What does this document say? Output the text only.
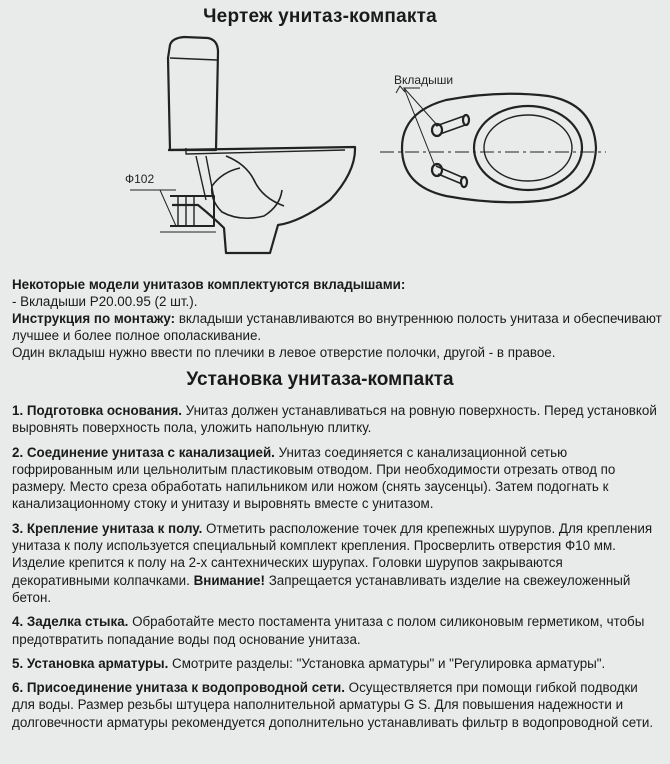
Чертеж унитаз-компакта
Ф102
Вкладыши

Некоторые модели унитазов комплектуются вкладышами:

- Вкладыши Р20.00.95 (2 шт.).

Инструкция по монтажу: вкладыши устанавливаются во внутреннюю полость унитаза и обеспечивают лучшее и более полное ополаскивание.

Один вкладыш нужно ввести по плечики в левое отверстие полочки, другой - в правое.

Установка унитаза-компакта

1. Подготовка основания. Унитаз должен устанавливаться на ровную поверхность. Перед установкой выровнять поверхность пола, уложить напольную плитку.

2. Соединение унитаза с канализацией. Унитаз соединяется с канализационной сетью гофрированным или цельнолитым пластиковым отводом. При необходимости отрезать отвод по размеру. Место среза обработать напильником или ножом (снять заусенцы). Затем подогнать к канализационному стоку и унитазу и выровнять вместе с унитазом.

3. Крепление унитаза к полу. Отметить расположение точек для крепежных шурупов. Для крепления унитаза к полу используется специальный комплект крепления. Просверлить отверстия Ф10 мм. Изделие крепится к полу на 2-х сантехнических шурупах. Головки шурупов закрываются декоративными колпачками. Внимание! Запрещается устанавливать изделие на свежеуложенный бетон.

4. Заделка стыка. Обработайте место постамента унитаза с полом силиконовым герметиком, чтобы предотвратить попадание воды под основание унитаза.

5. Установка арматуры. Смотрите разделы: "Установка арматуры" и "Регулировка арматуры".

6. Присоединение унитаза к водопроводной сети. Осуществляется при помощи гибкой подводки для воды. Размер резьбы штуцера наполнительной арматуры G S. Для повышения надежности и долговечности арматуры рекомендуется дополнительно устанавливать фильтр в водопроводной сети.
